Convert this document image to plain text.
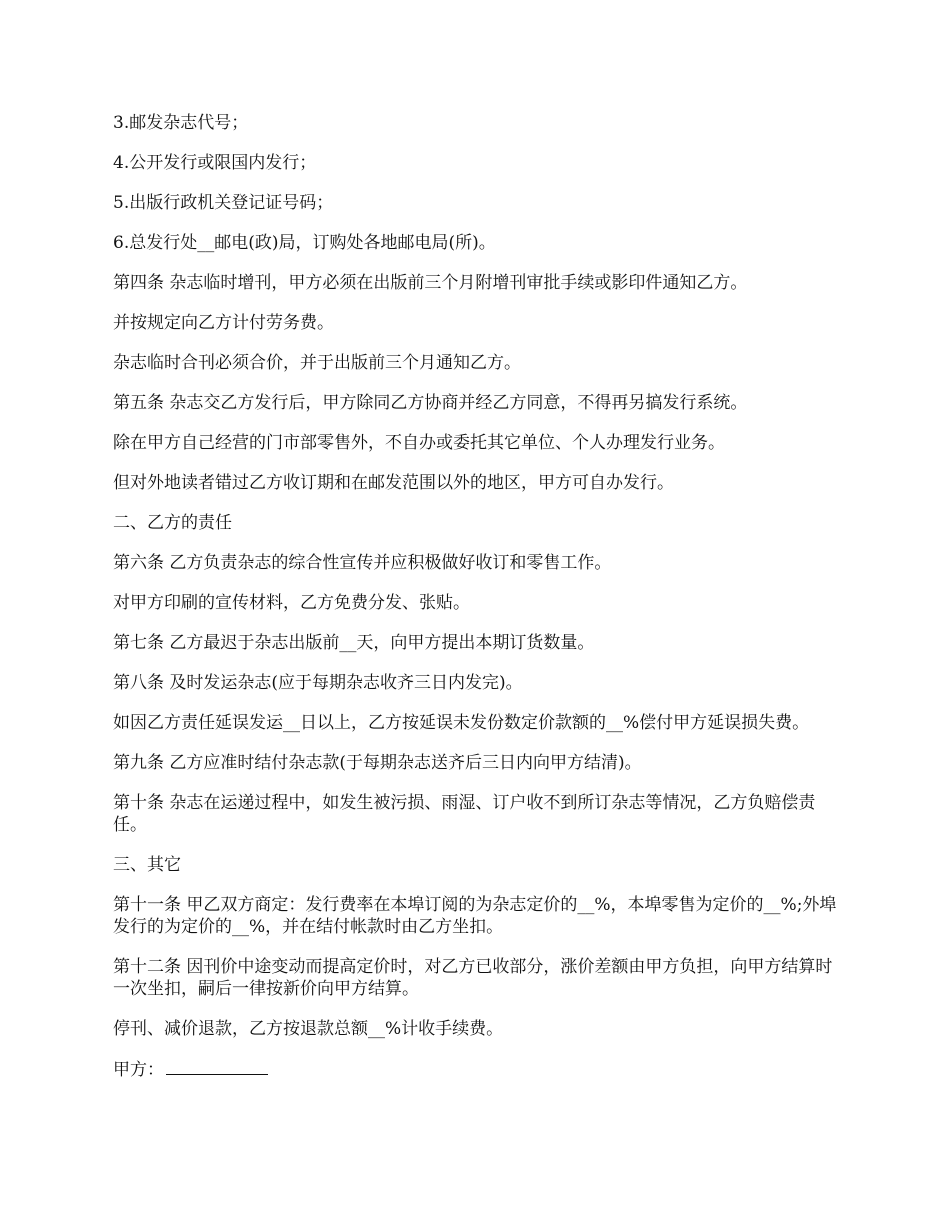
3.邮发杂志代号；

4.公开发行或限国内发行；

5.出版行政机关登记证号码；

6.总发行处__邮电(政)局，订购处各地邮电局(所)。

第四条 杂志临时增刊，甲方必须在出版前三个月附增刊审批手续或影印件通知乙方。

并按规定向乙方计付劳务费。

杂志临时合刊必须合价，并于出版前三个月通知乙方。

第五条 杂志交乙方发行后，甲方除同乙方协商并经乙方同意，不得再另搞发行系统。

除在甲方自己经营的门市部零售外，不自办或委托其它单位、个人办理发行业务。

但对外地读者错过乙方收订期和在邮发范围以外的地区，甲方可自办发行。

二、乙方的责任

第六条 乙方负责杂志的综合性宣传并应积极做好收订和零售工作。

对甲方印刷的宣传材料，乙方免费分发、张贴。

第七条 乙方最迟于杂志出版前__天，向甲方提出本期订货数量。

第八条 及时发运杂志(应于每期杂志收齐三日内发完)。

如因乙方责任延误发运__日以上，乙方按延误未发份数定价款额的__%偿付甲方延误损失费。

第九条 乙方应准时结付杂志款(于每期杂志送齐后三日内向甲方结清)。

第十条 杂志在运递过程中，如发生被污损、雨湿、订户收不到所订杂志等情况，乙方负赔偿责任。

三、其它

第十一条 甲乙双方商定：发行费率在本埠订阅的为杂志定价的__%，本埠零售为定价的__%;外埠发行的为定价的__%，并在结付帐款时由乙方坐扣。

第十二条 因刊价中途变动而提高定价时，对乙方已收部分，涨价差额由甲方负担，向甲方结算时一次坐扣，嗣后一律按新价向甲方结算。

停刊、减价退款，乙方按退款总额__%计收手续费。

甲方：
